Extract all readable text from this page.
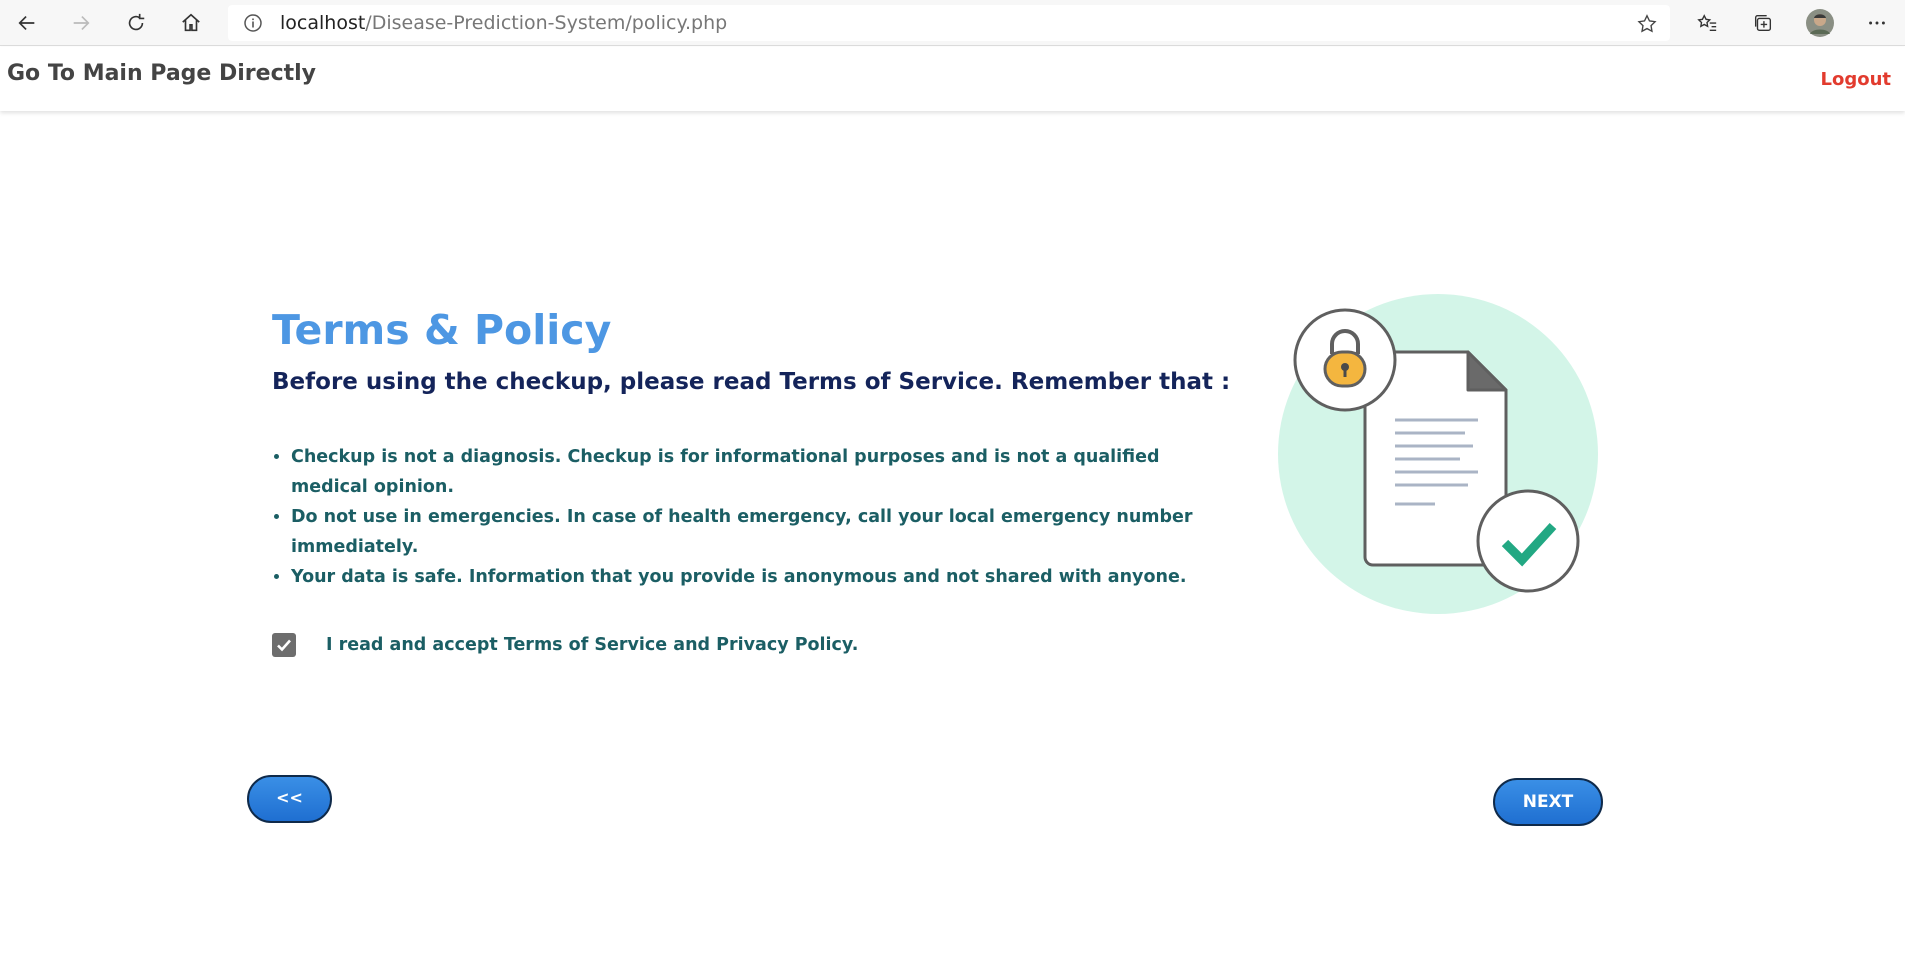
localhost/Disease-Prediction-System/policy.php
Go To Main Page Directly	Logout
Terms & Policy
Before using the checkup, please read Terms of Service. Remember that :
• Checkup is not a diagnosis. Checkup is for informational purposes and is not a qualified medical opinion.
• Do not use in emergencies. In case of health emergency, call your local emergency number immediately.
• Your data is safe. Information that you provide is anonymous and not shared with anyone.
I read and accept Terms of Service and Privacy Policy.
<<	NEXT
